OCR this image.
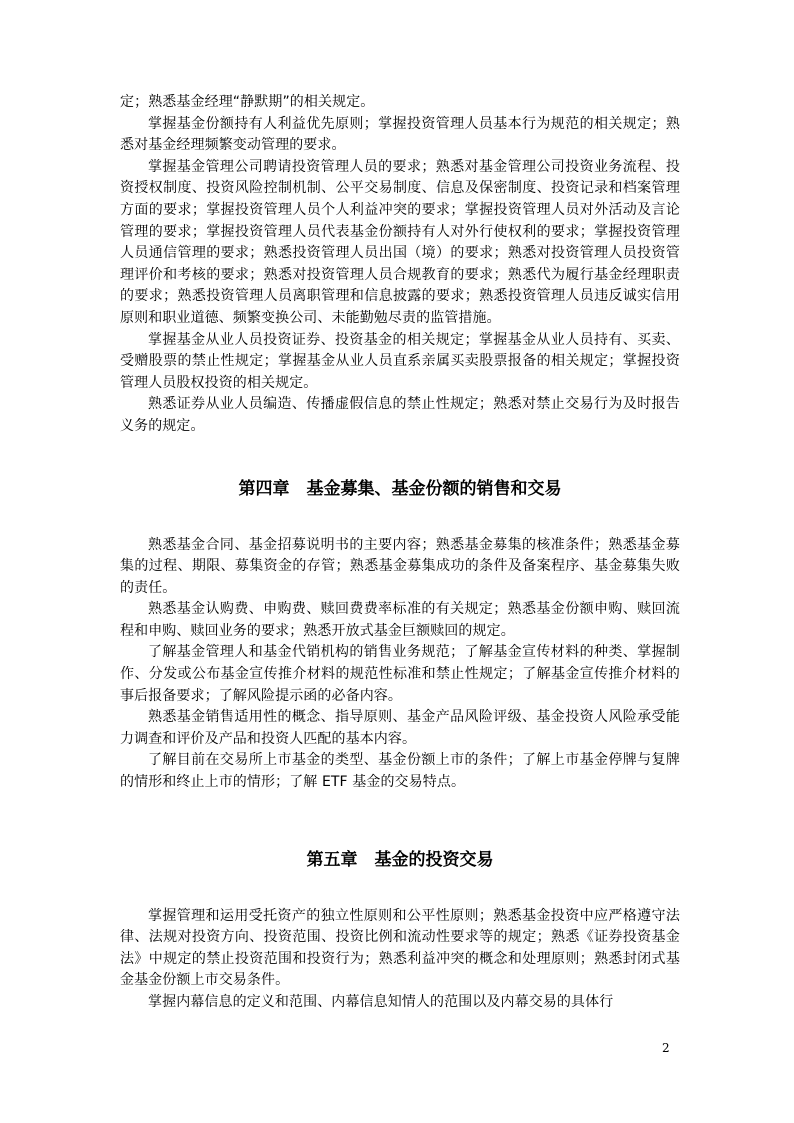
定；熟悉基金经理“静默期”的相关规定。

掌握基金份额持有人利益优先原则；掌握投资管理人员基本行为规范的相关规定；熟悉对基金经理频繁变动管理的要求。

掌握基金管理公司聘请投资管理人员的要求；熟悉对基金管理公司投资业务流程、投资授权制度、投资风险控制机制、公平交易制度、信息及保密制度、投资记录和档案管理方面的要求；掌握投资管理人员个人利益冲突的要求；掌握投资管理人员对外活动及言论管理的要求；掌握投资管理人员代表基金份额持有人对外行使权利的要求；掌握投资管理人员通信管理的要求；熟悉投资管理人员出国（境）的要求；熟悉对投资管理人员投资管理评价和考核的要求；熟悉对投资管理人员合规教育的要求；熟悉代为履行基金经理职责的要求；熟悉投资管理人员离职管理和信息披露的要求；熟悉投资管理人员违反诚实信用原则和职业道德、频繁变换公司、未能勤勉尽责的监管措施。

掌握基金从业人员投资证券、投资基金的相关规定；掌握基金从业人员持有、买卖、受赠股票的禁止性规定；掌握基金从业人员直系亲属买卖股票报备的相关规定；掌握投资管理人员股权投资的相关规定。

熟悉证券从业人员编造、传播虚假信息的禁止性规定；熟悉对禁止交易行为及时报告义务的规定。

第四章　基金募集、基金份额的销售和交易

熟悉基金合同、基金招募说明书的主要内容；熟悉基金募集的核准条件；熟悉基金募集的过程、期限、募集资金的存管；熟悉基金募集成功的条件及备案程序、基金募集失败的责任。

熟悉基金认购费、申购费、赎回费费率标准的有关规定；熟悉基金份额申购、赎回流程和申购、赎回业务的要求；熟悉开放式基金巨额赎回的规定。

了解基金管理人和基金代销机构的销售业务规范；了解基金宣传材料的种类、掌握制作、分发或公布基金宣传推介材料的规范性标准和禁止性规定；了解基金宣传推介材料的事后报备要求；了解风险提示函的必备内容。

熟悉基金销售适用性的概念、指导原则、基金产品风险评级、基金投资人风险承受能力调查和评价及产品和投资人匹配的基本内容。

了解目前在交易所上市基金的类型、基金份额上市的条件；了解上市基金停牌与复牌的情形和终止上市的情形；了解 ETF 基金的交易特点。

第五章　基金的投资交易

掌握管理和运用受托资产的独立性原则和公平性原则；熟悉基金投资中应严格遵守法律、法规对投资方向、投资范围、投资比例和流动性要求等的规定；熟悉《证券投资基金法》中规定的禁止投资范围和投资行为；熟悉利益冲突的概念和处理原则；熟悉封闭式基金基金份额上市交易条件。

掌握内幕信息的定义和范围、内幕信息知情人的范围以及内幕交易的具体行

2
